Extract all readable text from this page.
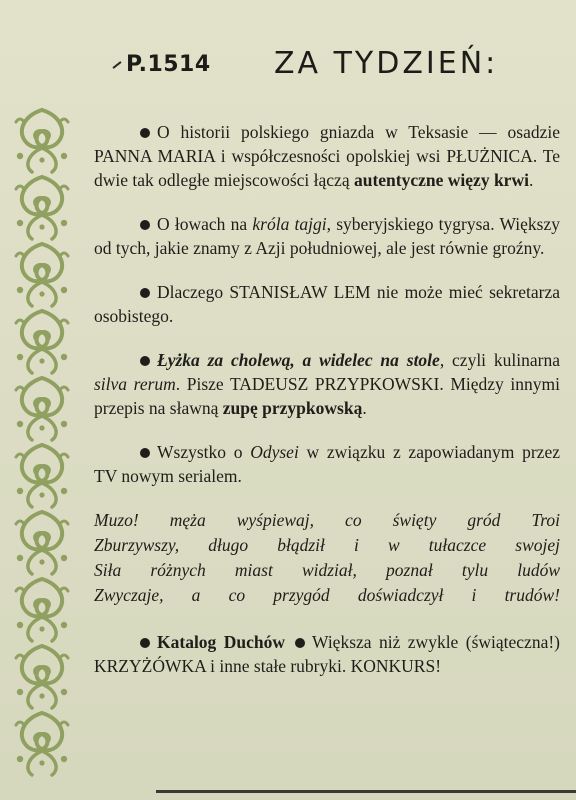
P.1514 ZA TYDZIEŃ:

O historii polskiego gniazda w Teksasie — osadzie PANNA MARIA i współczesności opolskiej wsi PŁUŻNICA. Te dwie tak odległe miejscowości łączą autentyczne więzy krwi.

O łowach na króla tajgi, syberyjskiego tygrysa. Większy od tych, jakie znamy z Azji południowej, ale jest równie groźny.

Dlaczego STANISŁAW LEM nie może mieć sekretarza osobistego.

Łyżka za cholewą, a widelec na stole, czyli kulinarna silva rerum. Pisze TADEUSZ PRZYPKOWSKI. Między innymi przepis na sławną zupę przypkowską.

Wszystko o Odysei w związku z zapowiadanym przez TV nowym serialem.

Muzo! męża wyśpiewaj, co święty gród Troi
Zburzywszy, długo błądził i w tułaczce swojej
Siła różnych miast widział, poznał tylu ludów
Zwyczaje, a co przygód doświadczył i trudów!

Katalog Duchów Większa niż zwykle (świąteczna!) KRZYŻÓWKA i inne stałe rubryki. KONKURS!
